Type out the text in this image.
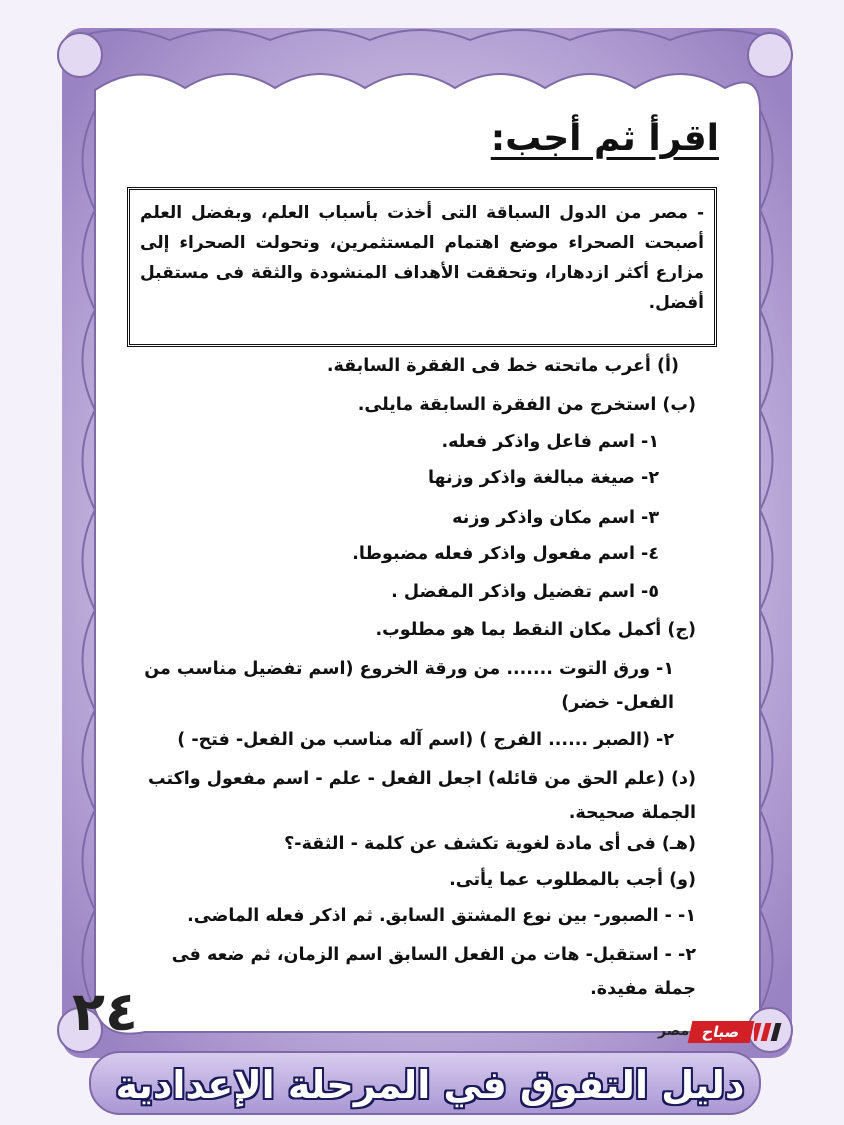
اقرأ ثم أجب:
- مصر من الدول السباقة التى أخذت بأسباب العلم، وبفضل العلم أصبحت الصحراء موضع اهتمام المستثمرين، وتحولت الصحراء إلى مزارع أكثر ازدهارا، وتحققت الأهداف المنشودة والثقة فى مستقبل أفضل.
(أ) أعرب ماتحته خط فى الفقرة السابقة.
(ب) استخرج من الفقرة السابقة مايلى.
١- اسم فاعل واذكر فعله.
٢- صيغة مبالغة واذكر وزنها
٣- اسم مكان واذكر وزنه
٤- اسم مفعول واذكر فعله مضبوطا.
٥- اسم تفضيل واذكر المفضل .
(ج) أكمل مكان النقط بما هو مطلوب.
١- ورق التوت ....... من ورقة الخروع (اسم تفضيل مناسب من الفعل- خضر)
٢- (الصبر ...... الفرج ) (اسم آله مناسب من الفعل- فتح- )
(د) (علم الحق من قائله) اجعل الفعل - علم - اسم مفعول واكتب الجملة صحيحة.
(هـ) فى أى مادة لغوية تكشف عن كلمة - الثقة-؟
(و) أجب بالمطلوب عما يأتى.
١- - الصبور- بين نوع المشتق السابق. ثم اذكر فعله الماضى.
٢- - استقبل- هات من الفعل السابق اسم الزمان، ثم ضعه فى جملة مفيدة.
٢٤	صباح
مصر
دليل التفوق في المرحلة الإعدادية
